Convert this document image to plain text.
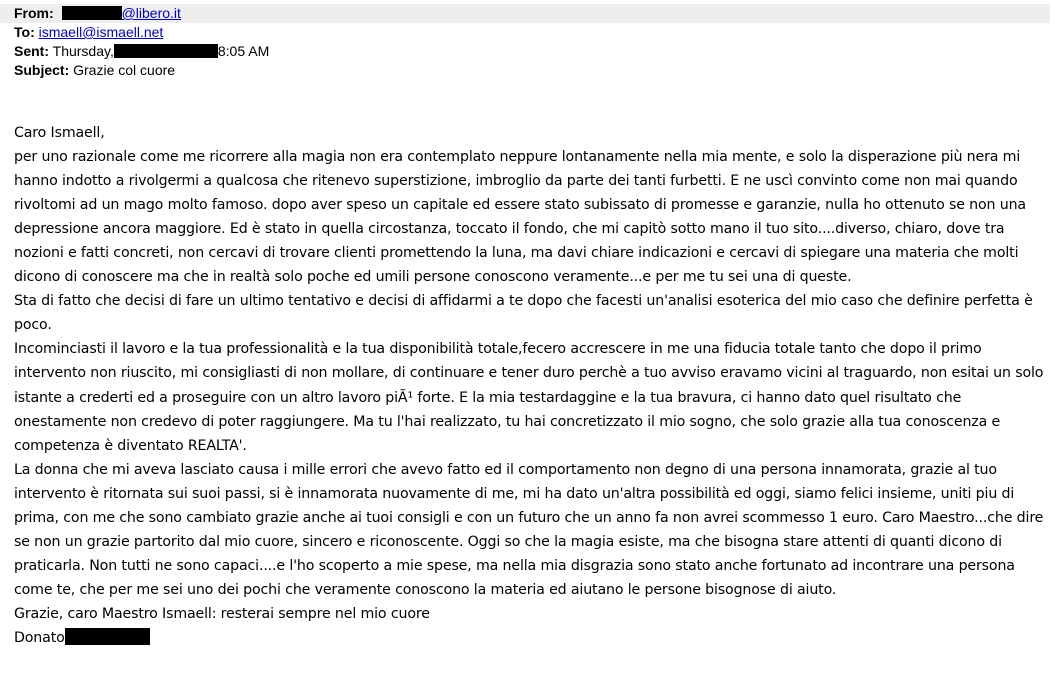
From:	@libero.it
To: ismaell@ismaell.net
Sent: Thursday,	8:05 AM
Subject: Grazie col cuore

Caro Ismaell,

per uno razionale come me ricorrere alla magia non era contemplato neppure lontanamente nella mia mente, e solo la disperazione più nera mi hanno indotto a rivolgermi a qualcosa che ritenevo superstizione, imbroglio da parte dei tanti furbetti. E ne uscì convinto come non mai quando rivoltomi ad un mago molto famoso. dopo aver speso un capitale ed essere stato subissato di promesse e garanzie, nulla ho ottenuto se non una depressione ancora maggiore. Ed è stato in quella circostanza, toccato il fondo, che mi capitò sotto mano il tuo sito....diverso, chiaro, dove tra nozioni e fatti concreti, non cercavi di trovare clienti promettendo la luna, ma davi chiare indicazioni e cercavi di spiegare una materia che molti dicono di conoscere ma che in realtà solo poche ed umili persone conoscono veramente...e per me tu sei una di queste.

Sta di fatto che decisi di fare un ultimo tentativo e decisi di affidarmi a te dopo che facesti un'analisi esoterica del mio caso che definire perfetta è poco.

Incominciasti il lavoro e la tua professionalità e la tua disponibilità totale,fecero accrescere in me una fiducia totale tanto che dopo il primo intervento non riuscito, mi consigliasti di non mollare, di continuare e tener duro perchè a tuo avviso eravamo vicini al traguardo, non esitai un solo istante a crederti ed a proseguire con un altro lavoro piÃ¹ forte. E la mia testardaggine e la tua bravura, ci hanno dato quel risultato che onestamente non credevo di poter raggiungere. Ma tu l'hai realizzato, tu hai concretizzato il mio sogno, che solo grazie alla tua conoscenza e competenza è diventato REALTA'.

La donna che mi aveva lasciato causa i mille errori che avevo fatto ed il comportamento non degno di una persona innamorata, grazie al tuo intervento è ritornata sui suoi passi, si è innamorata nuovamente di me, mi ha dato un'altra possibilità ed oggi, siamo felici insieme, uniti piu di prima, con me che sono cambiato grazie anche ai tuoi consigli e con un futuro che un anno fa non avrei scommesso 1 euro. Caro Maestro...che dire se non un grazie partorito dal mio cuore, sincero e riconoscente. Oggi so che la magia esiste, ma che bisogna stare attenti di quanti dicono di praticarla. Non tutti ne sono capaci....e l'ho scoperto a mie spese, ma nella mia disgrazia sono stato anche fortunato ad incontrare una persona come te, che per me sei uno dei pochi che veramente conoscono la materia ed aiutano le persone bisognose di aiuto.

Grazie, caro Maestro Ismaell: resterai sempre nel mio cuore

Donato
